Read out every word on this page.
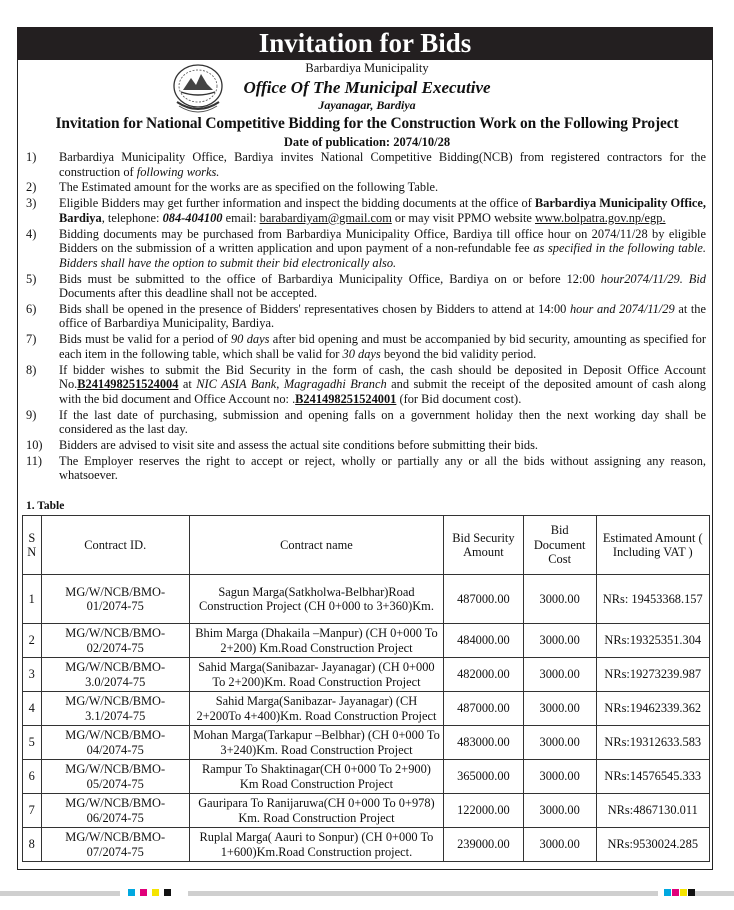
Invitation for Bids
Barbardiya Municipality
Office Of The Municipal Executive
Jayanagar, Bardiya
Invitation for National Competitive Bidding for the Construction Work on the Following Project
Date of publication: 2074/10/28
1)	Barbardiya Municipality Office, Bardiya invites National Competitive Bidding(NCB) from registered contractors for the construction of following works.
2)	The Estimated amount for the works are as specified on the following Table.
3)	Eligible Bidders may get further information and inspect the bidding documents at the office of Barbardiya Municipality Office, Bardiya, telephone: 084-404100 email: barabardiyam@gmail.com or may visit PPMO website www.bolpatra.gov.np/egp.
4)	Bidding documents may be purchased from Barbardiya Municipality Office, Bardiya till office hour on 2074/11/28 by eligible Bidders on the submission of a written application and upon payment of a non-refundable fee as specified in the following table. Bidders shall have the option to submit their bid electronically also.
5)	Bids must be submitted to the office of Barbardiya Municipality Office, Bardiya on or before 12:00 hour2074/11/29. Bid Documents after this deadline shall not be accepted.
6)	Bids shall be opened in the presence of Bidders' representatives chosen by Bidders to attend at 14:00 hour and 2074/11/29 at the office of Barbardiya Municipality, Bardiya.
7)	Bids must be valid for a period of 90 days after bid opening and must be accompanied by bid security, amounting as specified for each item in the following table, which shall be valid for 30 days beyond the bid validity period.
8)	If bidder wishes to submit the Bid Security in the form of cash, the cash should be deposited in Deposit Office Account No.B241498251524004 at NIC ASIA Bank, Magragadhi Branch and submit the receipt of the deposited amount of cash along with the bid document and Office Account no: .B241498251524001 (for Bid document cost).
9)	If the last date of purchasing, submission and opening falls on a government holiday then the next working day shall be considered as the last day.
10)	Bidders are advised to visit site and assess the actual site conditions before submitting their bids.
11)	The Employer reserves the right to accept or reject, wholly or partially any or all the bids without assigning any reason, whatsoever.
1. Table
S N	Contract ID.	Contract name	Bid Security Amount	Bid Document Cost	Estimated Amount ( Including VAT )
1	MG/W/NCB/BMO-01/2074-75	Sagun Marga(Satkholwa-Belbhar)Road Construction Project (CH 0+000 to 3+360)Km.	487000.00	3000.00	NRs: 19453368.157
2	MG/W/NCB/BMO-02/2074-75	Bhim Marga (Dhakaila –Manpur) (CH 0+000 To 2+200) Km.Road Construction Project	484000.00	3000.00	NRs:19325351.304
3	MG/W/NCB/BMO-3.0/2074-75	Sahid Marga(Sanibazar- Jayanagar) (CH 0+000 To 2+200)Km. Road Construction Project	482000.00	3000.00	NRs:19273239.987
4	MG/W/NCB/BMO-3.1/2074-75	Sahid Marga(Sanibazar- Jayanagar) (CH 2+200To 4+400)Km. Road Construction Project	487000.00	3000.00	NRs:19462339.362
5	MG/W/NCB/BMO-04/2074-75	Mohan Marga(Tarkapur –Belbhar) (CH 0+000 To 3+240)Km. Road Construction Project	483000.00	3000.00	NRs:19312633.583
6	MG/W/NCB/BMO-05/2074-75	Rampur To Shaktinagar(CH 0+000 To 2+900) Km Road Construction Project	365000.00	3000.00	NRs:14576545.333
7	MG/W/NCB/BMO-06/2074-75	Gauripara To Ranijaruwa(CH 0+000 To 0+978) Km. Road Construction Project	122000.00	3000.00	NRs:4867130.011
8	MG/W/NCB/BMO-07/2074-75	Ruplal Marga( Aauri to Sonpur) (CH 0+000 To 1+600)Km.Road Construction project.	239000.00	3000.00	NRs:9530024.285
